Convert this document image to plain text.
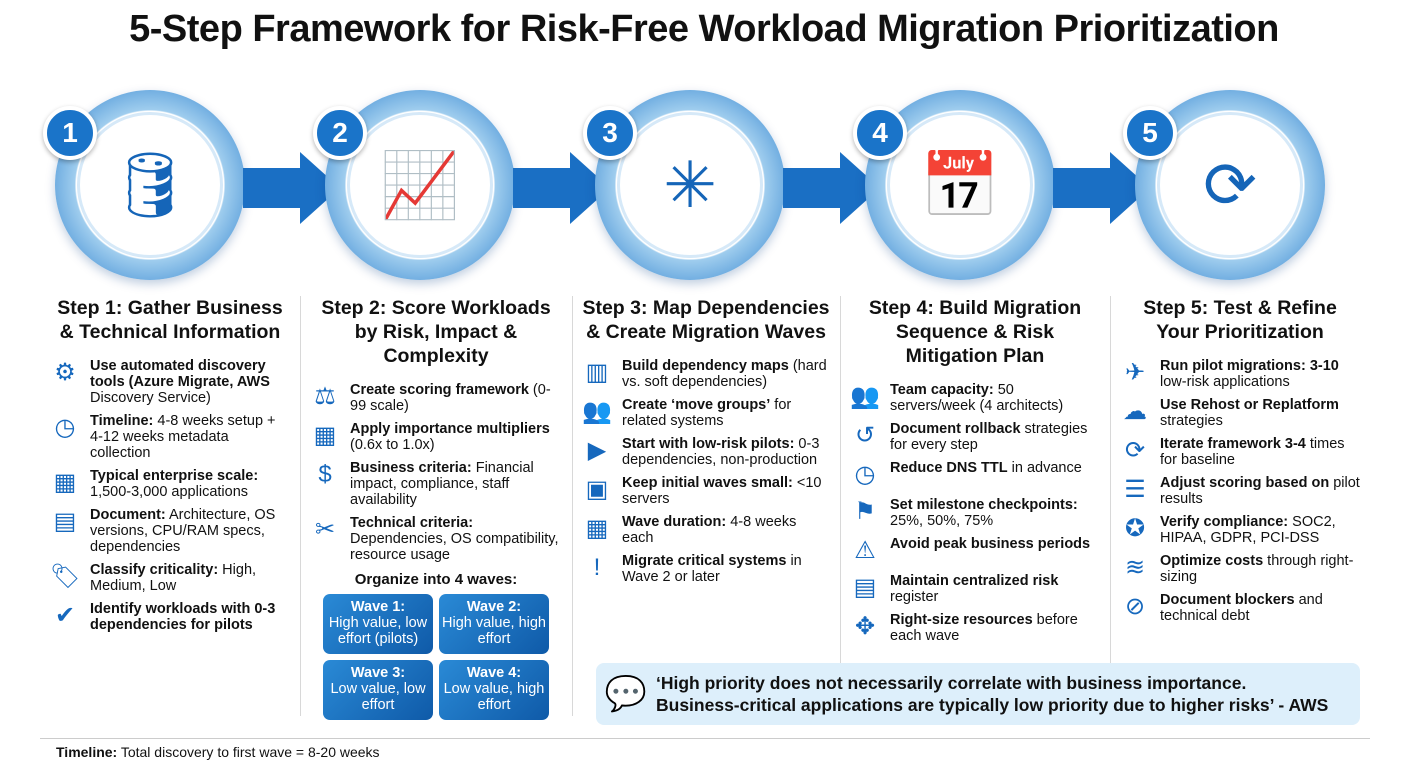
5-Step Framework for Risk-Free Workload Migration Prioritization
🛢
1
📈
2
✳
3
📅
4
⟳
5
Step 1: Gather Business & Technical Information
⚙ Use automated discovery tools (Azure Migrate, AWS Discovery Service)
◷	Timeline: 4-8 weeks setup + 4-12 weeks metadata collection
▦ Typical enterprise scale: 1,500-3,000 applications
▤ Document: Architecture, OS versions, CPU/RAM specs, dependencies
🏷 Classify criticality: High, Medium, Low
✔	Identify workloads with 0-3 dependencies for pilots
Step 2: Score Workloads by Risk, Impact & Complexity
⚖ Create scoring framework (0-99 scale)
▦ Apply importance multipliers (0.6x to 1.0x)
$	Business criteria: Financial impact, compliance, staff availability
✂	Technical criteria: Dependencies, OS compatibility, resource usage
Organize into 4 waves:
Wave 1:
High value, low effort (pilots)
Wave 2:
High value, high effort
Wave 3:
Low value, low effort
Wave 4:
Low value, high effort
Step 3: Map Dependencies & Create Migration Waves
▥ Build dependency maps (hard vs. soft dependencies)
👥 Create ‘move groups’ for related systems
▶	Start with low-risk pilots: 0-3 dependencies, non-production
▣ Keep initial waves small: <10 servers
▦ Wave duration: 4-8 weeks each
!	Migrate critical systems in Wave 2 or later
Step 4: Build Migration Sequence & Risk Mitigation Plan
👥 Team capacity: 50 servers/week (4 architects)
↺	Document rollback strategies for every step
◷	Reduce DNS TTL in advance
⚑ Set milestone checkpoints: 25%, 50%, 75%
⚠ Avoid peak business periods
▤ Maintain centralized risk register
✥	Right-size resources before each wave
Step 5: Test & Refine Your Prioritization
✈	Run pilot migrations: 3-10 low-risk applications
☁ Use Rehost or Replatform strategies
⟳	Iterate framework 3-4 times for baseline
☰ Adjust scoring based on pilot results
✪	Verify compliance: SOC2, HIPAA, GDPR, PCI-DSS
≋	Optimize costs through right-sizing
⊘	Document blockers and technical debt
💬 ‘High priority does not necessarily correlate with business importance.
Business-critical applications are typically low priority due to higher risks’ - AWS
Timeline: Total discovery to first wave = 8-20 weeks
